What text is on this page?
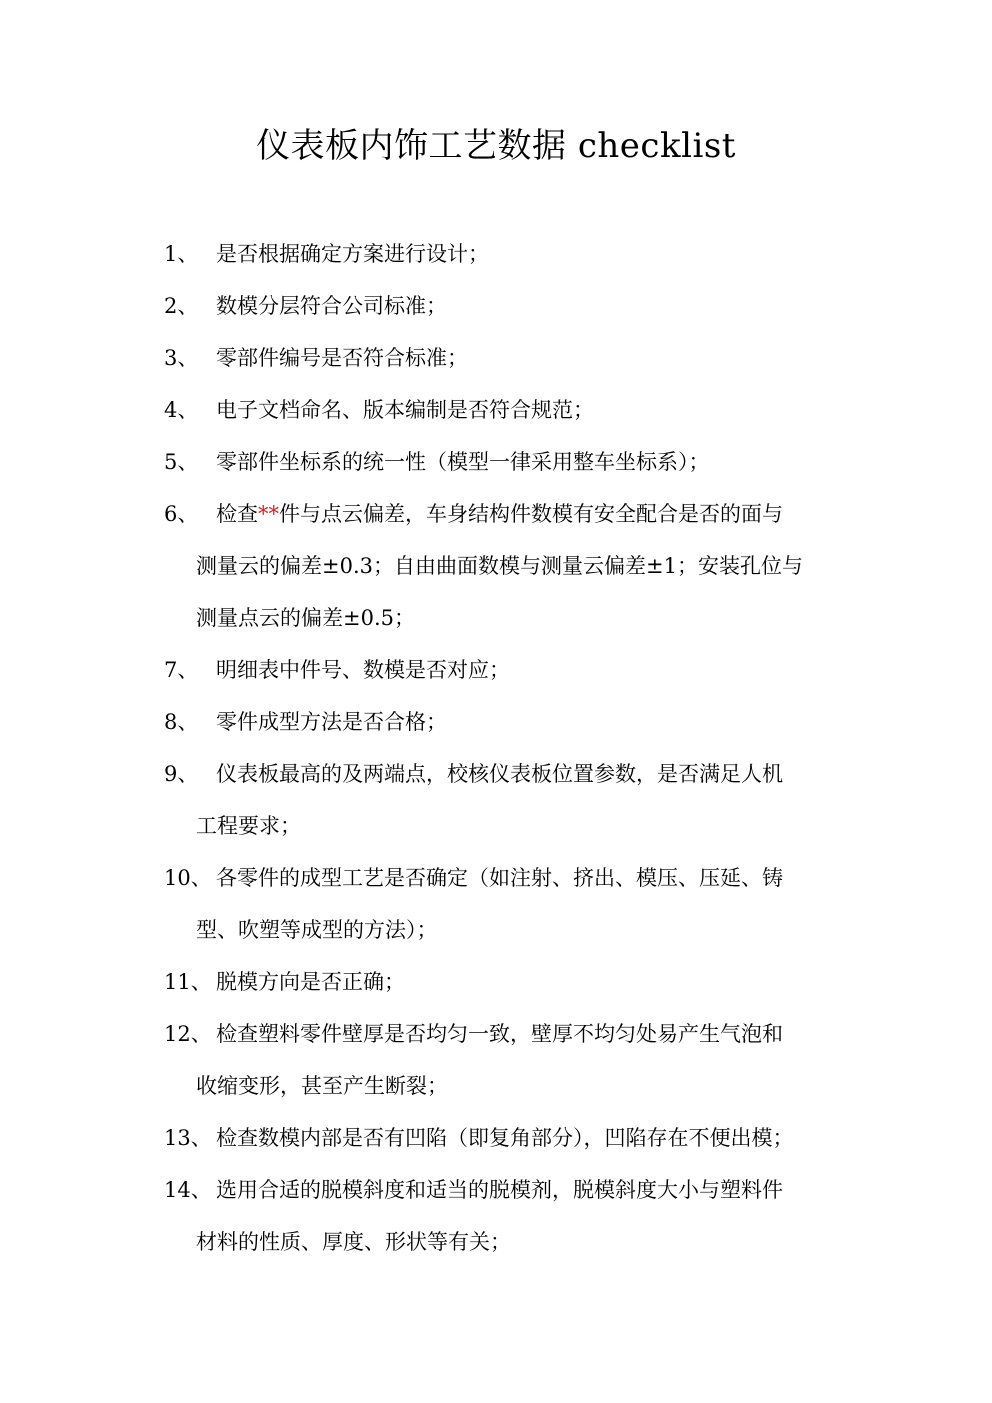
仪表板内饰工艺数据 checklist
1、 是否根据确定方案进行设计；
2、 数模分层符合公司标准；
3、 零部件编号是否符合标准；
4、 电子文档命名、版本编制是否符合规范；
5、 零部件坐标系的统一性（模型一律采用整车坐标系）；
6、 检查**件与点云偏差，车身结构件数模有安全配合是否的面与
测量云的偏差±0.3；自由曲面数模与测量云偏差±1；安装孔位与
测量点云的偏差±0.5；
7、 明细表中件号、数模是否对应；
8、 零件成型方法是否合格；
9、 仪表板最高的及两端点，校核仪表板位置参数，是否满足人机
工程要求；
10、 各零件的成型工艺是否确定（如注射、挤出、模压、压延、铸
型、吹塑等成型的方法）；
11、 脱模方向是否正确；
12、 检查塑料零件壁厚是否均匀一致，壁厚不均匀处易产生气泡和
收缩变形，甚至产生断裂；
13、 检查数模内部是否有凹陷（即复角部分），凹陷存在不便出模；
14、 选用合适的脱模斜度和适当的脱模剂，脱模斜度大小与塑料件
材料的性质、厚度、形状等有关；
